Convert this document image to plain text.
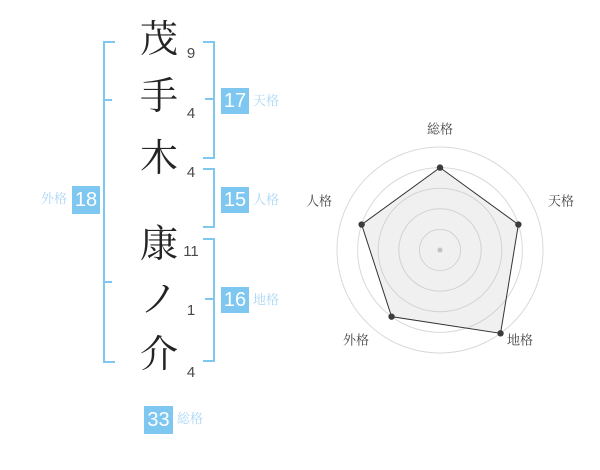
茂
手
木
康
ノ
介
9
4
4
11
1
4
17 天格
15 人格
16 地格
18
外格
33 総格
総格
天格
地格
外格
人格
